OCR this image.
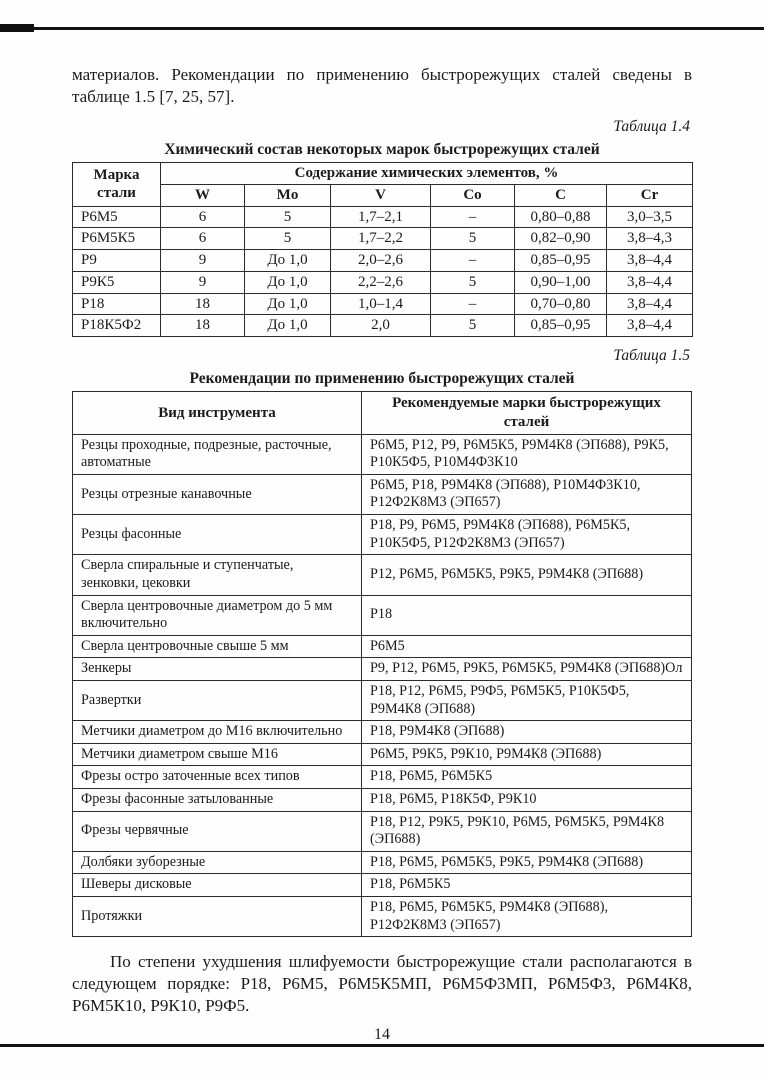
материалов. Рекомендации по применению быстрорежущих сталей сведены в таблице 1.5 [7, 25, 57].

Таблица 1.4

Химический состав некоторых марок быстрорежущих сталей

Марка стали	Содержание химических элементов, %					
	W	Mo	V	Co	C	Cr
Р6М5	6	5	1,7–2,1	–	0,80–0,88	3,0–3,5
Р6М5К5	6	5	1,7–2,2	5	0,82–0,90	3,8–4,3
Р9	9	До 1,0	2,0–2,6	–	0,85–0,95	3,8–4,4
Р9К5	9	До 1,0	2,2–2,6	5	0,90–1,00	3,8–4,4
Р18	18	До 1,0	1,0–1,4	–	0,70–0,80	3,8–4,4
Р18К5Ф2	18	До 1,0	2,0	5	0,85–0,95	3,8–4,4

Таблица 1.5

Рекомендации по применению быстрорежущих сталей

Вид инструмента	Рекомендуемые марки быстрорежущих сталей
Резцы проходные, подрезные, расточные, автоматные	Р6М5, Р12, Р9, Р6М5К5, Р9М4К8 (ЭП688), Р9К5, Р10К5Ф5, Р10М4Ф3К10
Резцы отрезные канавочные	Р6М5, Р18, Р9М4К8 (ЭП688), Р10М4Ф3К10, Р12Ф2К8М3 (ЭП657)
Резцы фасонные	Р18, Р9, Р6М5, Р9М4К8 (ЭП688), Р6М5К5, Р10К5Ф5, Р12Ф2К8М3 (ЭП657)
Сверла спиральные и ступенчатые, зенковки, цековки	Р12, Р6М5, Р6М5К5, Р9К5, Р9М4К8 (ЭП688)
Сверла центровочные диаметром до 5 мм включительно	Р18
Сверла центровочные свыше 5 мм	Р6М5
Зенкеры	Р9, Р12, Р6М5, Р9К5, Р6М5К5, Р9М4К8 (ЭП688)Ол
Развертки	Р18, Р12, Р6М5, Р9Ф5, Р6М5К5, Р10К5Ф5, Р9М4К8 (ЭП688)
Метчики диаметром до М16 включительно	Р18, Р9М4К8 (ЭП688)
Метчики диаметром свыше М16	Р6М5, Р9К5, Р9К10, Р9М4К8 (ЭП688)
Фрезы остро заточенные всех типов	Р18, Р6М5, Р6М5К5
Фрезы фасонные затылованные	Р18, Р6М5, Р18К5Ф, Р9К10
Фрезы червячные	Р18, Р12, Р9К5, Р9К10, Р6М5, Р6М5К5, Р9М4К8 (ЭП688)
Долбяки зуборезные	Р18, Р6М5, Р6М5К5, Р9К5, Р9М4К8 (ЭП688)
Шеверы дисковые	Р18, Р6М5К5
Протяжки	Р18, Р6М5, Р6М5К5, Р9М4К8 (ЭП688), Р12Ф2К8М3 (ЭП657)

По степени ухудшения шлифуемости быстрорежущие стали располагаются в следующем порядке: Р18, Р6М5, Р6М5К5МП, Р6М5Ф3МП, Р6М5Ф3, Р6М4К8, Р6М5К10, Р9К10, Р9Ф5.

14
